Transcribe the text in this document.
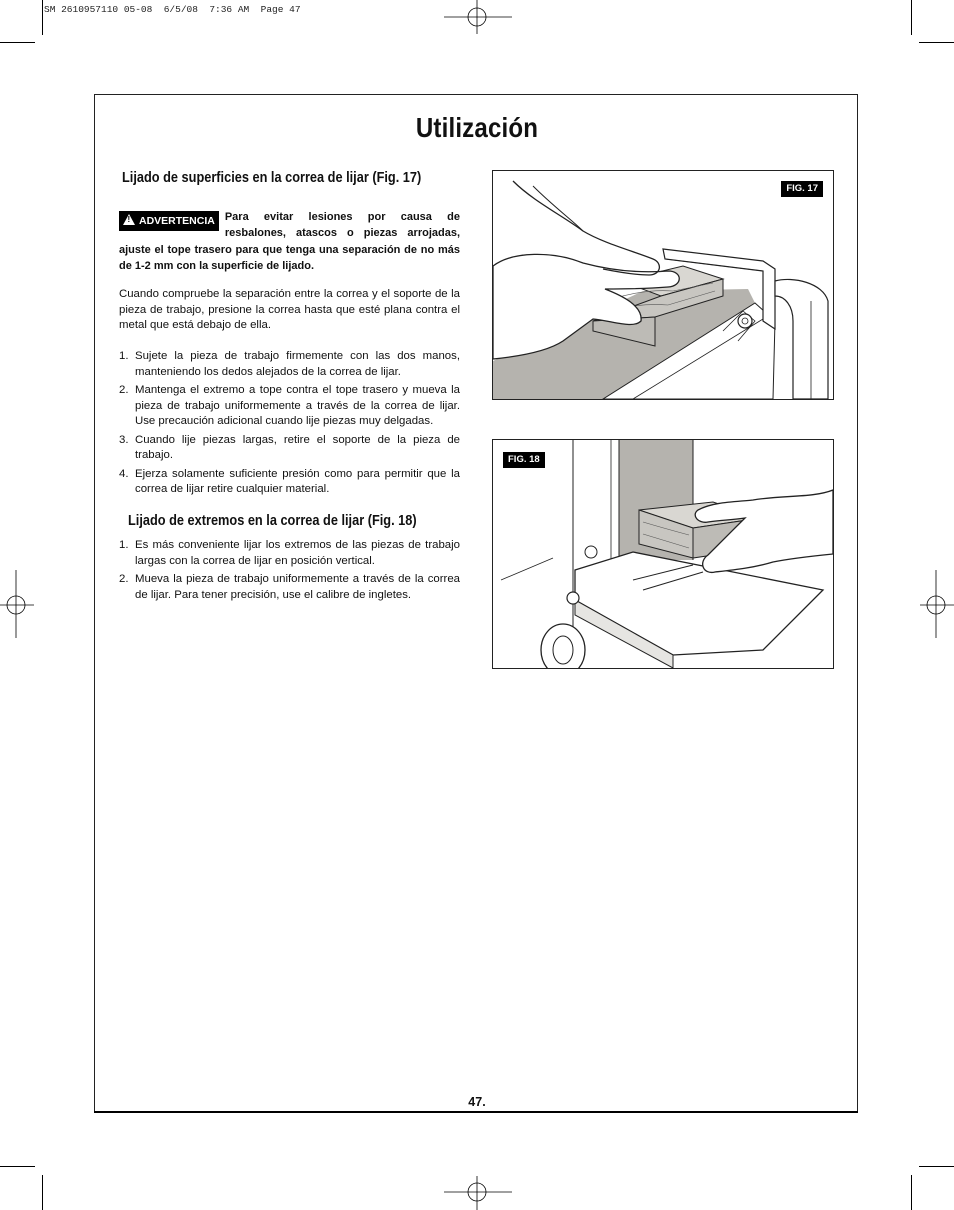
SM 2610957110 05-08  6/5/08  7:36 AM  Page 47
Utilización
Lijado de superficies en la correa de lijar (Fig. 17)
! ADVERTENCIA Para evitar lesiones por causa de resbalones, atascos o piezas arrojadas, ajuste el tope trasero para que tenga una separación de no más de 1-2 mm con la superficie de lijado.
Cuando compruebe la separación entre la correa y el soporte de la pieza de trabajo, presione la correa hasta que esté plana contra el metal que está debajo de ella.
1. Sujete la pieza de trabajo firmemente con las dos manos, manteniendo los dedos alejados de la correa de lijar.
2. Mantenga el extremo a tope contra el tope trasero y mueva la pieza de trabajo uniformemente a través de la correa de lijar. Use precaución adicional cuando lije piezas muy delgadas.
3. Cuando lije piezas largas, retire el soporte de la pieza de trabajo.
4. Ejerza solamente suficiente presión como para permitir que la correa de lijar retire cualquier material.
Lijado de extremos en la correa de lijar (Fig. 18)
1. Es más conveniente lijar los extremos de las piezas de trabajo largas con la correa de lijar en posición vertical.
2. Mueva la pieza de trabajo uniformemente a través de la correa de lijar. Para tener precisión, use el calibre de ingletes.
FIG. 17
FIG. 18
47.
